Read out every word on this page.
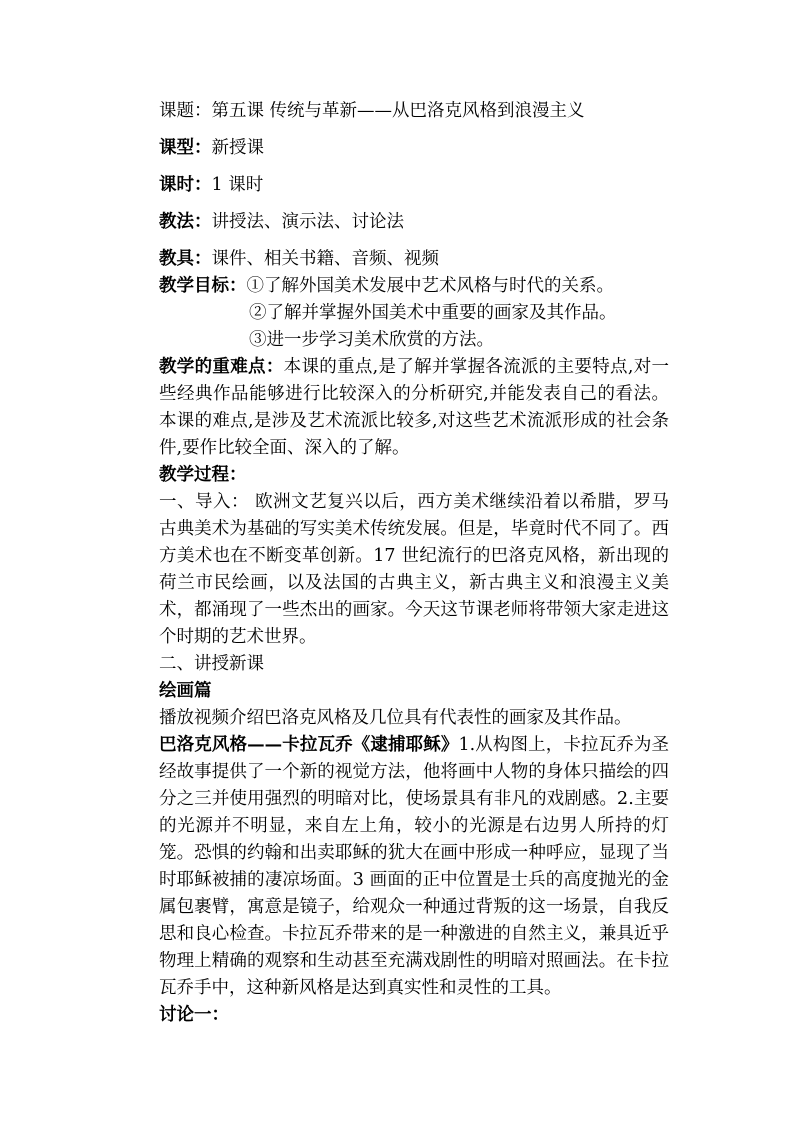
课题：第五课 传统与革新——从巴洛克风格到浪漫主义
课型：新授课
课时：1 课时
教法：讲授法、演示法、讨论法
教具：课件、相关书籍、音频、视频
教学目标：①了解外国美术发展中艺术风格与时代的关系。
②了解并掌握外国美术中重要的画家及其作品。
③进一步学习美术欣赏的方法。
教学的重难点：本课的重点,是了解并掌握各流派的主要特点,对一些经典作品能够进行比较深入的分析研究,并能发表自己的看法。本课的难点,是涉及艺术流派比较多,对这些艺术流派形成的社会条件,要作比较全面、深入的了解。
教学过程：
一、导入： 欧洲文艺复兴以后，西方美术继续沿着以希腊，罗马古典美术为基础的写实美术传统发展。但是，毕竟时代不同了。西方美术也在不断变革创新。17 世纪流行的巴洛克风格，新出现的荷兰市民绘画，以及法国的古典主义，新古典主义和浪漫主义美术，都涌现了一些杰出的画家。今天这节课老师将带领大家走进这个时期的艺术世界。
二、讲授新课
绘画篇
播放视频介绍巴洛克风格及几位具有代表性的画家及其作品。
巴洛克风格——卡拉瓦乔《逮捕耶稣》1.从构图上，卡拉瓦乔为圣经故事提供了一个新的视觉方法，他将画中人物的身体只描绘的四分之三并使用强烈的明暗对比，使场景具有非凡的戏剧感。2.主要的光源并不明显，来自左上角，较小的光源是右边男人所持的灯笼。恐惧的约翰和出卖耶稣的犹大在画中形成一种呼应，显现了当时耶稣被捕的凄凉场面。3 画面的正中位置是士兵的高度抛光的金属包裹臂，寓意是镜子，给观众一种通过背叛的这一场景，自我反思和良心检查。卡拉瓦乔带来的是一种激进的自然主义，兼具近乎物理上精确的观察和生动甚至充满戏剧性的明暗对照画法。在卡拉瓦乔手中，这种新风格是达到真实性和灵性的工具。
讨论一：
